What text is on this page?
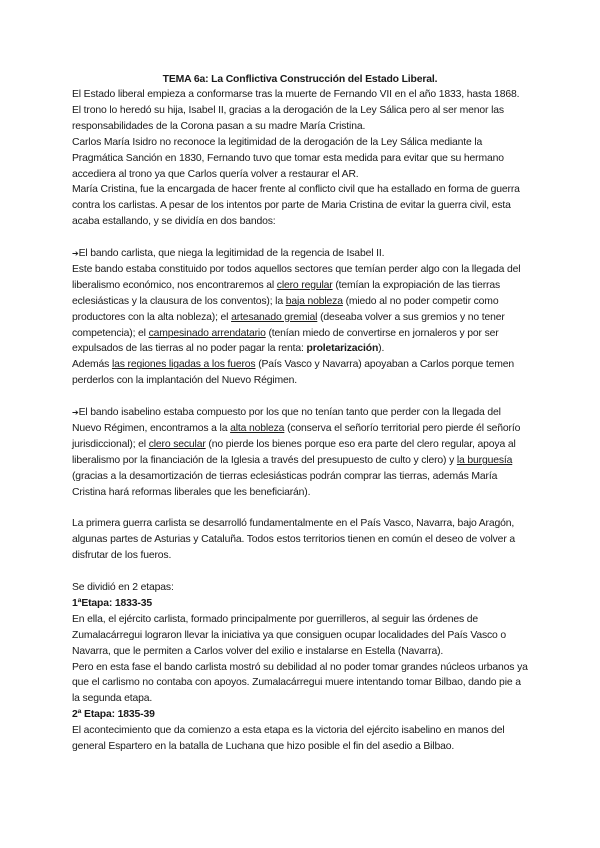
TEMA 6a: La Conflictiva Construcción del Estado Liberal.

El Estado liberal empieza a conformarse tras la muerte de Fernando VII en el año 1833, hasta 1868. El trono lo heredó su hija, Isabel II, gracias a la derogación de la Ley Sálica pero al ser menor las responsabilidades de la Corona pasan a su madre María Cristina.

Carlos María Isidro no reconoce la legitimidad de la derogación de la Ley Sálica mediante la Pragmática Sanción en 1830, Fernando tuvo que tomar esta medida para evitar que su hermano accediera al trono ya que Carlos quería volver a restaurar el AR.

María Cristina, fue la encargada de hacer frente al conflicto civil que ha estallado en forma de guerra contra los carlistas. A pesar de los intentos por parte de Maria Cristina de evitar la guerra civil, esta acaba estallando, y se dividía en dos bandos:

➔El bando carlista, que niega la legitimidad de la regencia de Isabel II.

Este bando estaba constituido por todos aquellos sectores que temían perder algo con la llegada del liberalismo económico, nos encontraremos al clero regular (temían la expropiación de las tierras eclesiásticas y la clausura de los conventos); la baja nobleza (miedo al no poder competir como productores con la alta nobleza); el artesanado gremial (deseaba volver a sus gremios y no tener competencia); el campesinado arrendatario (tenían miedo de convertirse en jornaleros y por ser expulsados de las tierras al no poder pagar la renta: proletarización).

Además las regiones ligadas a los fueros (País Vasco y Navarra) apoyaban a Carlos porque temen perderlos con la implantación del Nuevo Régimen.

➔El bando isabelino estaba compuesto por los que no tenían tanto que perder con la llegada del Nuevo Régimen, encontramos a la alta nobleza (conserva el señorío territorial pero pierde él señorío jurisdiccional); el clero secular (no pierde los bienes porque eso era parte del clero regular, apoya al liberalismo por la financiación de la Iglesia a través del presupuesto de culto y clero) y la burguesía (gracias a la desamortización de tierras eclesiásticas podrán comprar las tierras, además María Cristina hará reformas liberales que les beneficiarán).

La primera guerra carlista se desarrolló fundamentalmente en el País Vasco, Navarra, bajo Aragón, algunas partes de Asturias y Cataluña. Todos estos territorios tienen en común el deseo de volver a disfrutar de los fueros.

Se dividió en 2 etapas:

1ªEtapa: 1833-35

En ella, el ejército carlista, formado principalmente por guerrilleros, al seguir las órdenes de Zumalacárregui lograron llevar la iniciativa ya que consiguen ocupar localidades del País Vasco o Navarra, que le permiten a Carlos volver del exilio e instalarse en Estella (Navarra).

Pero en esta fase el bando carlista mostró su debilidad al no poder tomar grandes núcleos urbanos ya que el carlismo no contaba con apoyos. Zumalacárregui muere intentando tomar Bilbao, dando pie a la segunda etapa.

2ª Etapa: 1835-39

El acontecimiento que da comienzo a esta etapa es la victoria del ejército isabelino en manos del general Espartero en la batalla de Luchana que hizo posible el fin del asedio a Bilbao.
